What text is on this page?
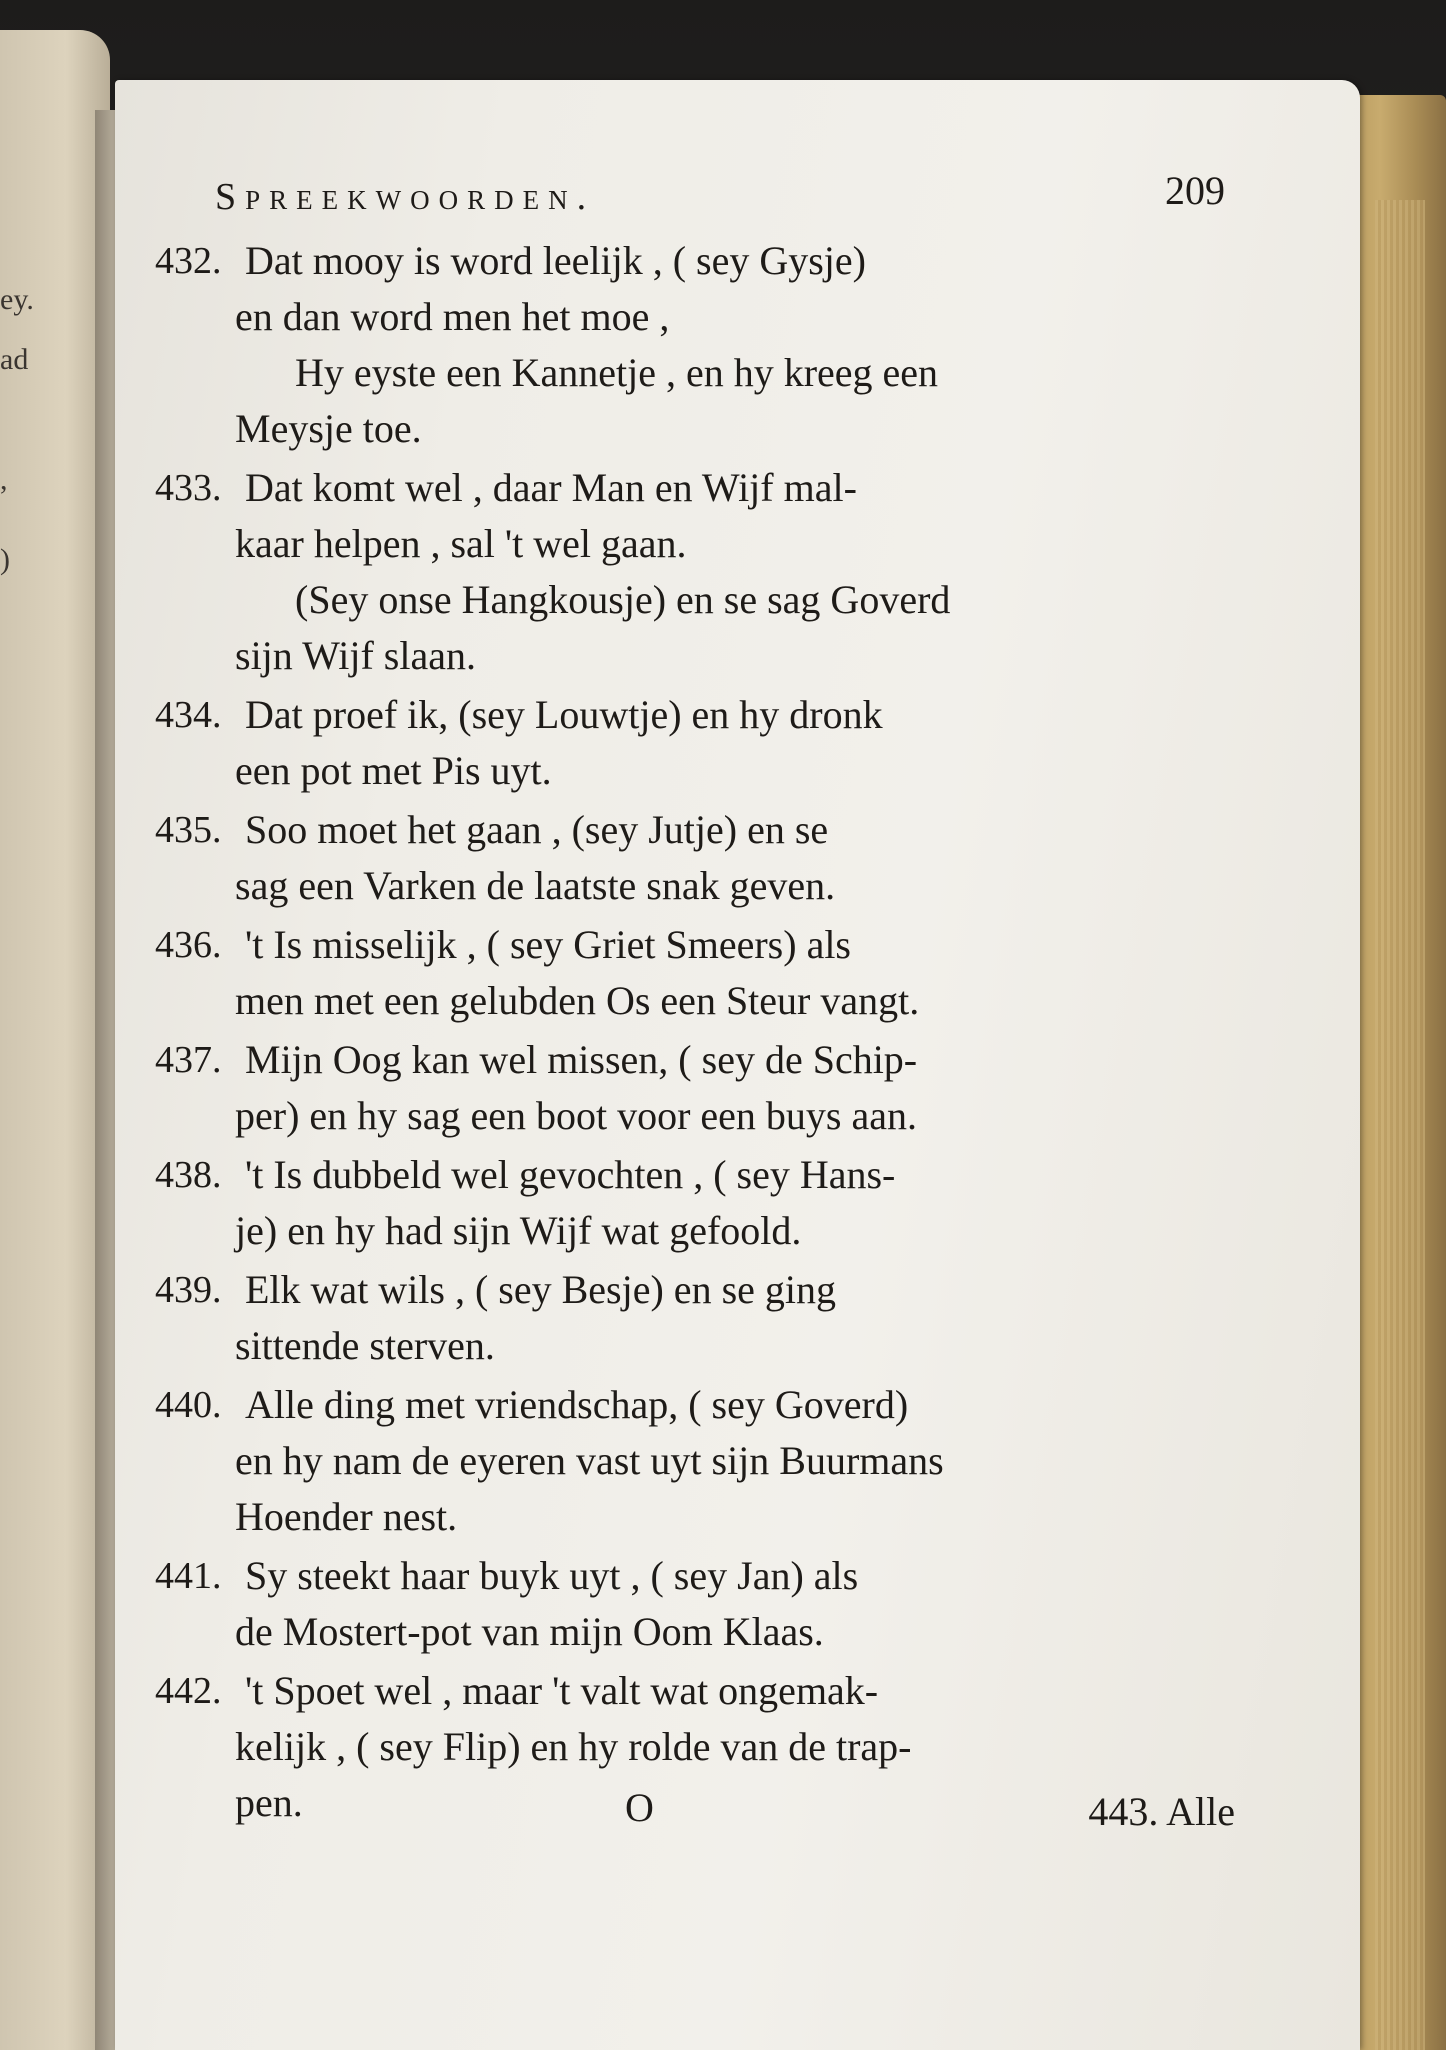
ey.
ad
,
)
Spreekwoorden.	209
432. Dat mooy is word leelijk , ( sey Gysje)
en dan word men het moe ,
Hy eyste een Kannetje , en hy kreeg een
Meysje toe.
433. Dat komt wel , daar Man en Wijf mal-
kaar helpen , sal 't wel gaan.
(Sey onse Hangkousje) en se sag Goverd
sijn Wijf slaan.
434. Dat proef ik, (sey Louwtje) en hy dronk
een pot met Pis uyt.
435. Soo moet het gaan , (sey Jutje) en se
sag een Varken de laatste snak geven.
436. 't Is misselijk , ( sey Griet Smeers) als
men met een gelubden Os een Steur vangt.
437. Mijn Oog kan wel missen, ( sey de Schip-
per) en hy sag een boot voor een buys aan.
438. 't Is dubbeld wel gevochten , ( sey Hans-
je) en hy had sijn Wijf wat gefoold.
439. Elk wat wils , ( sey Besje) en se ging
sittende sterven.
440. Alle ding met vriendschap, ( sey Goverd)
en hy nam de eyeren vast uyt sijn Buurmans
Hoender nest.
441. Sy steekt haar buyk uyt , ( sey Jan) als
de Mostert-pot van mijn Oom Klaas.
442. 't Spoet wel , maar 't valt wat ongemak-
kelijk , ( sey Flip) en hy rolde van de trap-
pen.	O	443. Alle
